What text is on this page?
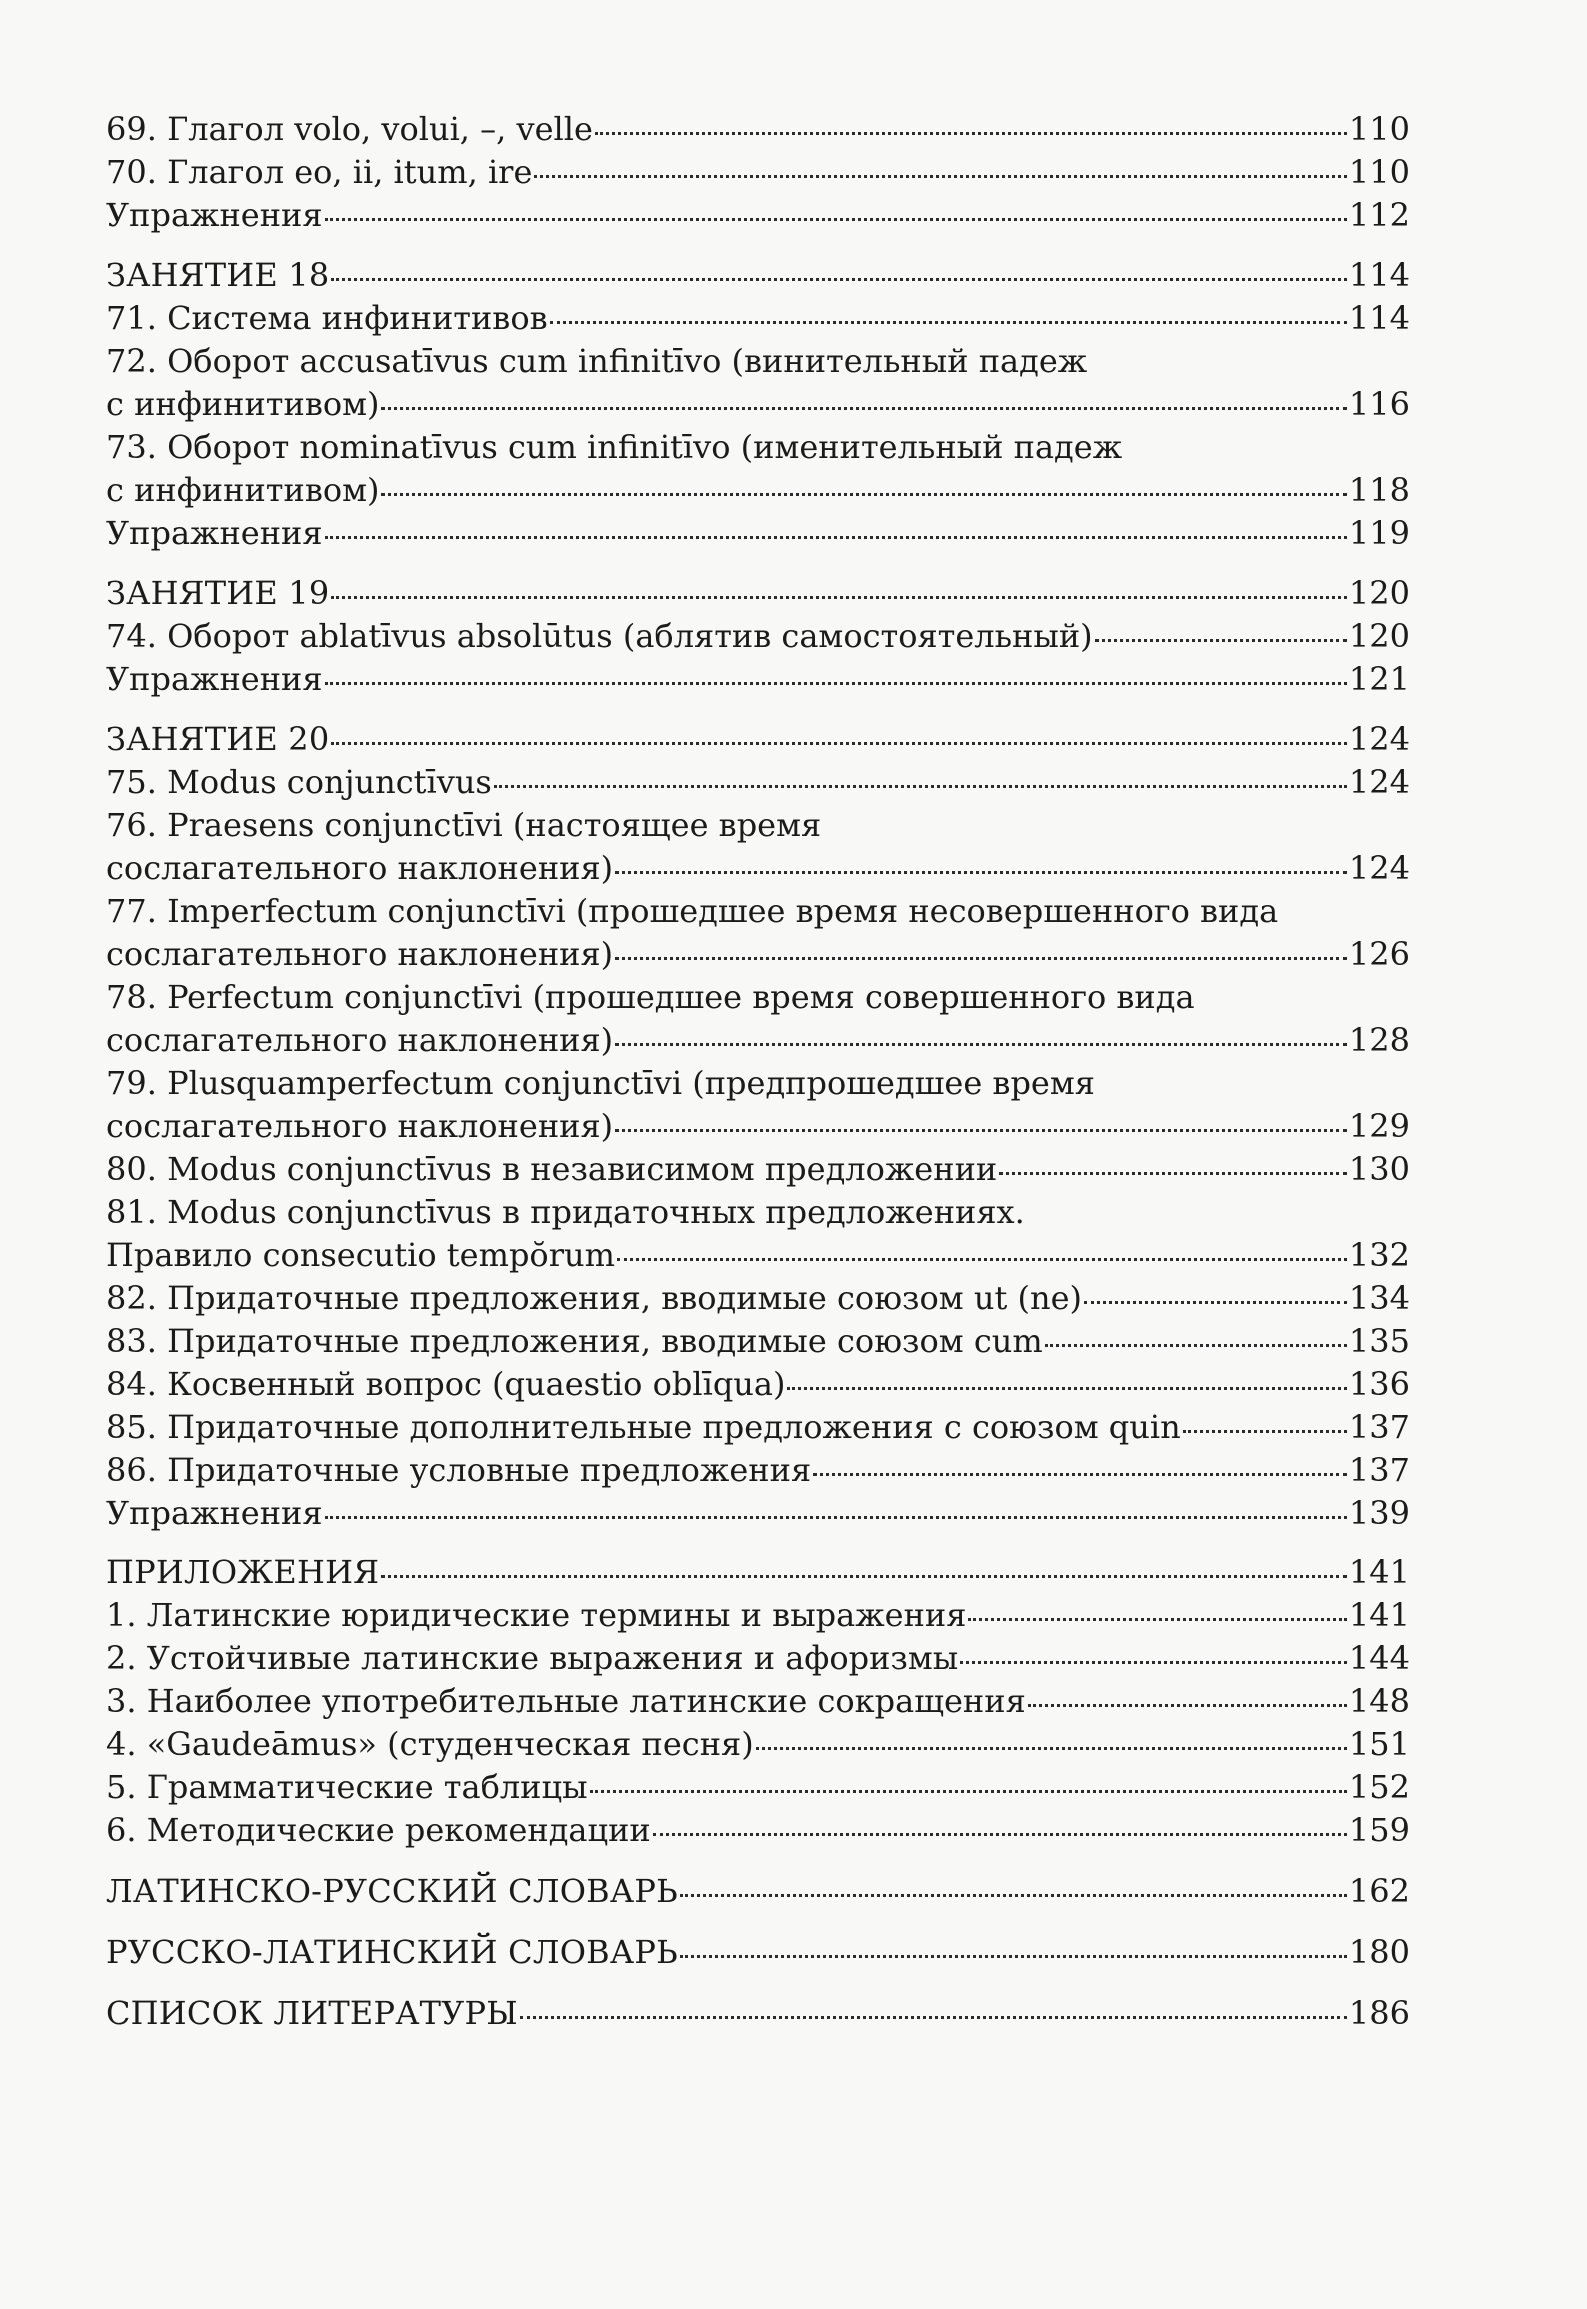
69. Глагол volo, volui, –, velle	110
70. Глагол eo, ii, itum, ire	110
Упражнения	112
ЗАНЯТИЕ 18	114
71. Система инфинитивов	114
72. Оборот accusatīvus cum infinitīvo (винительный падеж
с инфинитивом)	116
73. Оборот nominatīvus cum infinitīvo (именительный падеж
с инфинитивом)	118
Упражнения	119
ЗАНЯТИЕ 19	120
74. Оборот ablatīvus absolūtus (аблятив самостоятельный)	120
Упражнения	121
ЗАНЯТИЕ 20	124
75. Modus conjunctīvus	124
76. Praesens conjunctīvi (настоящее время
сослагательного наклонения)	124
77. Imperfectum conjunctīvi (прошедшее время несовершенного вида
сослагательного наклонения)	126
78. Perfectum conjunctīvi (прошедшее время совершенного вида
сослагательного наклонения)	128
79. Plusquamperfectum conjunctīvi (предпрошедшее время
сослагательного наклонения)	129
80. Modus conjunctīvus в независимом предложении	130
81. Modus conjunctīvus в придаточных предложениях.
Правило consecutio tempŏrum	132
82. Придаточные предложения, вводимые союзом ut (ne)	134
83. Придаточные предложения, вводимые союзом cum	135
84. Косвенный вопрос (quaestio oblīqua)	136
85. Придаточные дополнительные предложения с союзом quin	137
86. Придаточные условные предложения	137
Упражнения	139
ПРИЛОЖЕНИЯ	141
1. Латинские юридические термины и выражения	141
2. Устойчивые латинские выражения и афоризмы	144
3. Наиболее употребительные латинские сокращения	148
4. «Gaudeāmus» (студенческая песня)	151
5. Грамматические таблицы	152
6. Методические рекомендации	159
ЛАТИНСКО-РУССКИЙ СЛОВАРЬ	162
РУССКО-ЛАТИНСКИЙ СЛОВАРЬ	180
СПИСОК ЛИТЕРАТУРЫ	186
